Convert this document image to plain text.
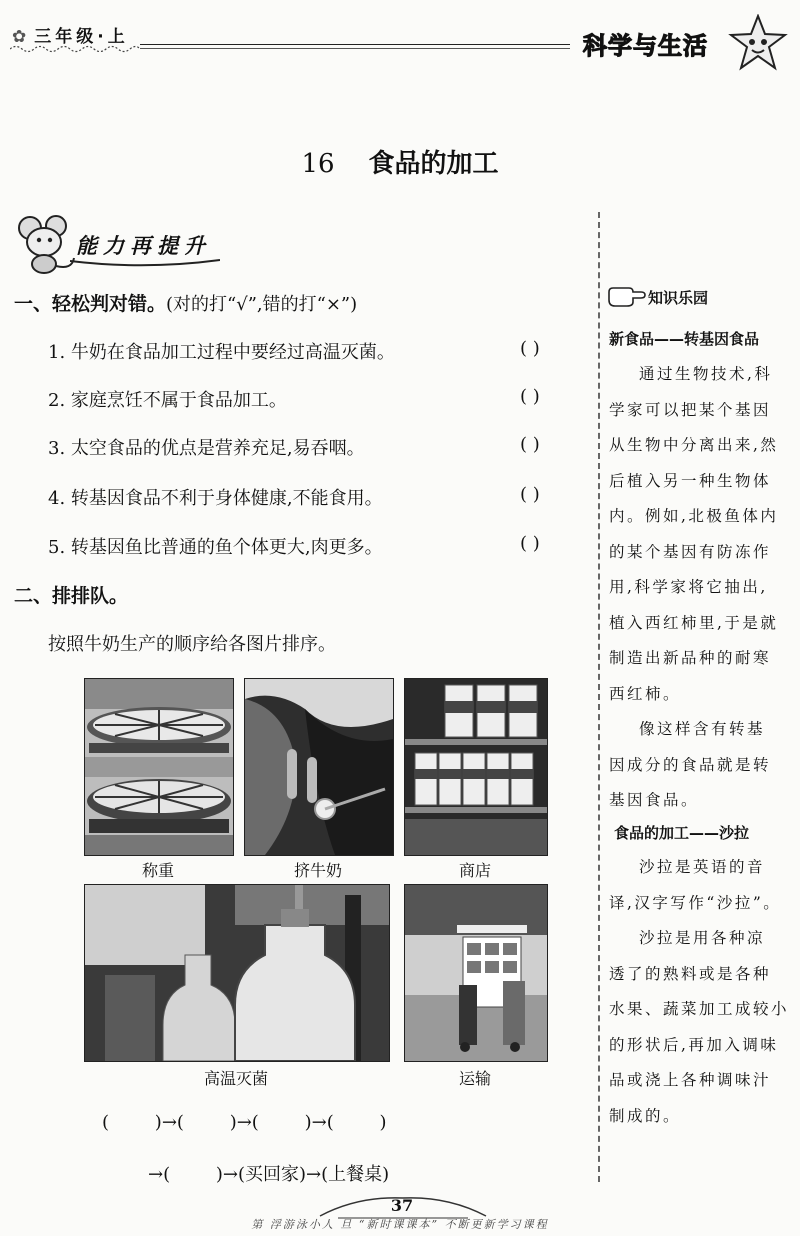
✿ 三年级·上	科学与生活
16 食品的加工
能力再提升
一、轻松判对错。(对的打“√”,错的打“×”)
1. 牛奶在食品加工过程中要经过高温灭菌。	( )
2. 家庭烹饪不属于食品加工。	( )
3. 太空食品的优点是营养充足,易吞咽。	( )
4. 转基因食品不利于身体健康,不能食用。	( )
5. 转基因鱼比普通的鱼个体更大,肉更多。	( )
二、排排队。
按照牛奶生产的顺序给各图片排序。
称重	挤牛奶	商店
高温灭菌	运输
(        )→(        )→(        )→(        )
→(        )→(买回家)→(上餐桌)
知识乐园
新食品——转基因食品
通过生物技术,科
学家可以把某个基因
从生物中分离出来,然
后植入另一种生物体
内。例如,北极鱼体内
的某个基因有防冻作
用,科学家将它抽出,
植入西红柿里,于是就
制造出新品种的耐寒
西红柿。
像这样含有转基
因成分的食品就是转
基因食品。
食品的加工——沙拉
沙拉是英语的音
译,汉字写作“沙拉”。
沙拉是用各种凉
透了的熟料或是各种
水果、蔬菜加工成较小
的形状后,再加入调味
品或浇上各种调味汁
制成的。
37
第 浮游泳小人 旦 “新时课课本” 不断更新学习课程
